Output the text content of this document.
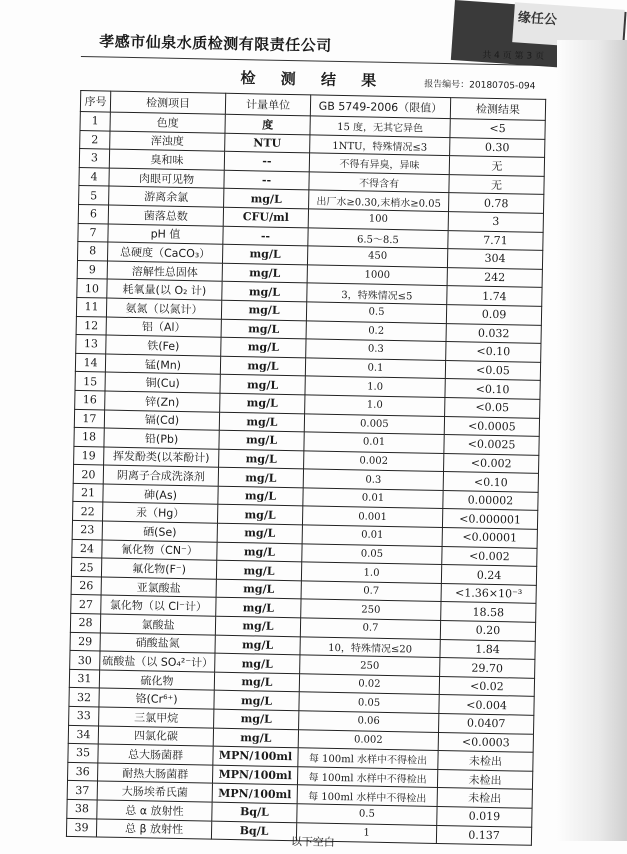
缘任公
孝感市仙泉水质检测有限责任公司
共 4 页 第 3 页
检 测 结 果	报告编号：20180705-094
序号	检测项目	计量单位	GB 5749-2006（限值）	检测结果
1	色度	度	15 度，无其它异色	<5
2	浑浊度	NTU	1NTU，特殊情况≤3	0.30
3	臭和味	--	不得有异臭，异味	无
4	肉眼可见物	--	不得含有	无
5	游离余氯	mg/L	出厂水≥0.30,末梢水≥0.05	0.78
6	菌落总数	CFU/ml	100	3
7	pH 值	--	6.5～8.5	7.71
8	总硬度（CaCO₃）	mg/L	450	304
9	溶解性总固体	mg/L	1000	242
10	耗氧量(以 O₂ 计)	mg/L	3，特殊情况≤5	1.74
11	氨氮（以氮计）	mg/L	0.5	0.09
12	铝（Al）	mg/L	0.2	0.032
13	铁(Fe)	mg/L	0.3	<0.10
14	锰(Mn)	mg/L	0.1	<0.05
15	铜(Cu)	mg/L	1.0	<0.10
16	锌(Zn)	mg/L	1.0	<0.05
17	镉(Cd)	mg/L	0.005	<0.0005
18	铅(Pb)	mg/L	0.01	<0.0025
19	挥发酚类(以苯酚计)	mg/L	0.002	<0.002
20	阴离子合成洗涤剂	mg/L	0.3	<0.10
21	砷(As)	mg/L	0.01	0.00002
22	汞（Hg）	mg/L	0.001	<0.000001
23	硒(Se)	mg/L	0.01	<0.00001
24	氰化物（CN⁻）	mg/L	0.05	<0.002
25	氟化物(F⁻)	mg/L	1.0	0.24
26	亚氯酸盐	mg/L	0.7	<1.36×10⁻³
27	氯化物（以 Cl⁻计）	mg/L	250	18.58
28	氯酸盐	mg/L	0.7	0.20
29	硝酸盐氮	mg/L	10，特殊情况≤20	1.84
30	硫酸盐（以 SO₄²⁻计）	mg/L	250	29.70
31	硫化物	mg/L	0.02	<0.02
32	铬(Cr⁶⁺)	mg/L	0.05	<0.004
33	三氯甲烷	mg/L	0.06	0.0407
34	四氯化碳	mg/L	0.002	<0.0003
35	总大肠菌群	MPN/100ml	每 100ml 水样中不得检出	未检出
36	耐热大肠菌群	MPN/100ml	每 100ml 水样中不得检出	未检出
37	大肠埃希氏菌	MPN/100ml	每 100ml 水样中不得检出	未检出
38	总 α 放射性	Bq/L	0.5	0.019
39	总 β 放射性	Bq/L	1	0.137
以下空白
